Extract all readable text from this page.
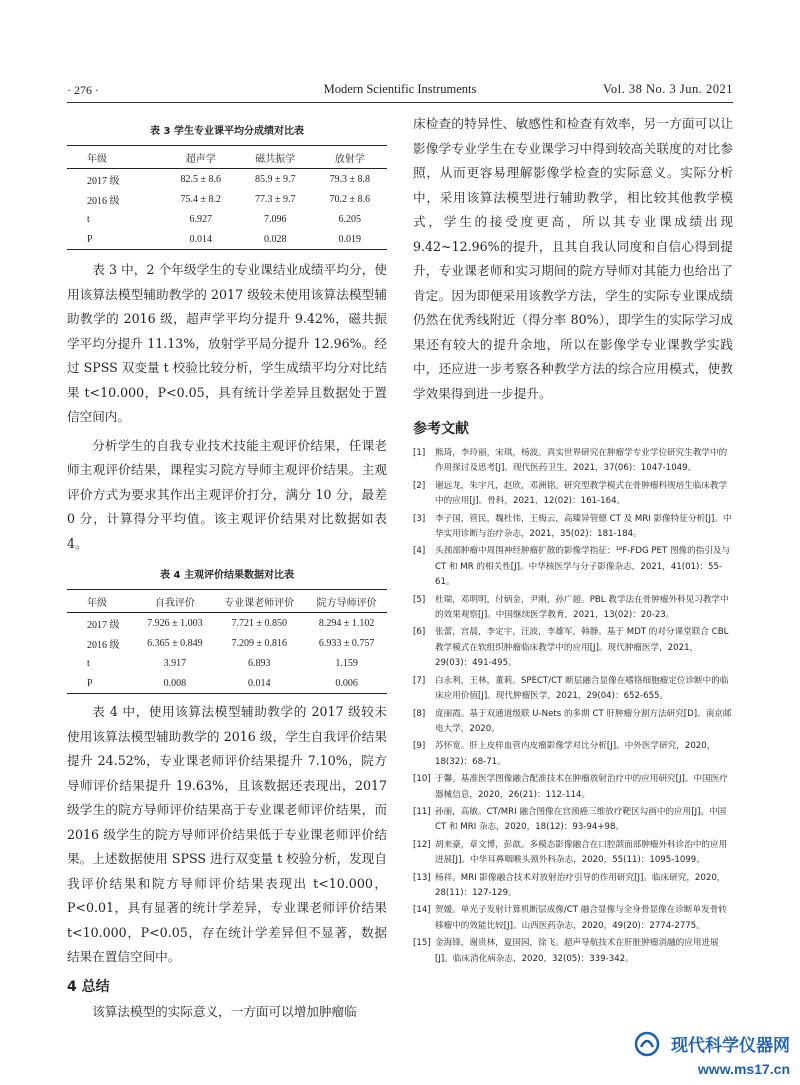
· 276 ·	Modern Scientific Instruments	Vol. 38 No. 3 Jun. 2021
表 3 学生专业课平均分成绩对比表
年级	超声学	磁共振学	放射学
2017 级	82.5 ± 8.6	85.9 ± 9.7	79.3 ± 8.8
2016 级	75.4 ± 8.2	77.3 ± 9.7	70.2 ± 8.6
t	6.927	7.096	6.205
P	0.014	0.028	0.019

表 3 中，2 个年级学生的专业课结业成绩平均分，使用该算法模型辅助教学的 2017 级较未使用该算法模型辅助教学的 2016 级，超声学平均分提升 9.42%，磁共振学平均分提升 11.13%，放射学平局分提升 12.96%。经过 SPSS 双变量 t 校验比较分析，学生成绩平均分对比结果 t<10.000，P<0.05，具有统计学差异且数据处于置信空间内。

分析学生的自我专业技术技能主观评价结果，任课老师主观评价结果，课程实习院方导师主观评价结果。主观评价方式为要求其作出主观评价打分，满分 10 分，最差 0 分，计算得分平均值。该主观评价结果对比数据如表 4。

表 4 主观评价结果数据对比表
年级	自我评价	专业课老师评价	院方导师评价
2017 级	7.926 ± 1.003	7.721 ± 0.850	8.294 ± 1.102
2016 级	6.365 ± 0.849	7.209 ± 0.816	6.933 ± 0.757
t	3.917	6.893	1.159
P	0.008	0.014	0.006

表 4 中，使用该算法模型辅助教学的 2017 级较未使用该算法模型辅助教学的 2016 级，学生自我评价结果提升 24.52%，专业课老师评价结果提升 7.10%，院方导师评价结果提升 19.63%，且该数据还表现出，2017 级学生的院方导师评价结果高于专业课老师评价结果，而 2016 级学生的院方导师评价结果低于专业课老师评价结果。上述数据使用 SPSS 进行双变量 t 校验分析，发现自我评价结果和院方导师评价结果表现出 t<10.000，P<0.01，具有显著的统计学差异，专业课老师评价结果 t<10.000，P<0.05，存在统计学差异但不显著，数据结果在置信空间中。

4 总结

该算法模型的实际意义，一方面可以增加肿瘤临

床检查的特异性、敏感性和检查有效率，另一方面可以让影像学专业学生在专业课学习中得到较高关联度的对比参照，从而更容易理解影像学检查的实际意义。实际分析中，采用该算法模型进行辅助教学，相比较其他教学模式，学生的接受度更高，所以其专业课成绩出现 9.42~12.96%的提升，且其自我认同度和自信心得到提升，专业课老师和实习期间的院方导师对其能力也给出了肯定。因为即便采用该教学方法，学生的实际专业课成绩仍然在优秀线附近（得分率 80%），即学生的实际学习成果还有较大的提升余地，所以在影像学专业课教学实践中，还应进一步考察各种教学方法的综合应用模式，使教学效果得到进一步提升。

参考文献
[1] 熊琦，李玲丽，宋琪，杨波。真实世界研究在肿瘤学专业学位研究生教学中的作用探讨及思考[J]。现代医药卫生，2021，37(06)：1047-1049。
[2] 谢远龙，朱宇凡，赵欣，邓洲铭。研究型教学模式在骨肿瘤科规培生临床教学中的应用[J]。骨科，2021，12(02)：161-164。
[3] 李子国，管民，魏杜伟，王梅云，高臻异管德 CT 及 MRI 影像特征分析[J]。中华实用诊断与治疗杂志，2021，35(02)：181-184。
[4] 头颈部肿瘤中周围神经肿瘤扩散的影像学指征：¹⁸F-FDG PET 图像的指引及与 CT 和 MR 的相关性[J]。中华核医学与分子影像杂志，2021，41(01)：55-61。
[5] 杜瑞，邓明明，付炳金，尹刚，孙广超。PBL 教学法在骨肿瘤外科见习教学中的效果观察[J]。中国继续医学教育，2021，13(02)：20-23。
[6] 张蕾，宫晨，李定宇，汪波，李雄军，韩静。基于 MDT 的对分课堂联合 CBL 教学模式在软组织肿瘤临床教学中的应用[J]。现代肿瘤医学，2021，29(03)：491-495。
[7] 白永利，王林，董莉。SPECT/CT 断层融合显像在嗜铬细胞瘤定位诊断中的临床应用价值[J]。现代肿瘤医学，2021，29(04)：652-655。
[8] 庞丽霞。基于双通道级联 U-Nets 的多期 CT 肝肿瘤分割方法研究[D]。南京邮电大学，2020。
[9] 苏怀宽。肝上皮样血管内皮瘤影像学对比分析[J]。中外医学研究，2020，18(32)：68-71。
[10] 于馨。基准医学图像融合配准技术在肿瘤放射治疗中的应用研究[J]。中国医疗器械信息，2020，26(21)：112-114。
[11] 孙丽，高敏。CT/MRI 融合图像在宫颈癌三维放疗靶区勾画中的应用[J]。中国 CT 和 MRI 杂志，2020，18(12)：93-94+98。
[12] 胡来豪，章文博，彭歆。多模态影像融合在口腔颌面部肿瘤外科诊治中的应用进展[J]。中华耳鼻咽喉头颈外科杂志，2020，55(11)：1095-1099。
[13] 杨祥。MRI 影像融合技术对放射治疗引导的作用研究[J]。临床研究，2020，28(11)：127-129。
[14] 贺媛。单光子发射计算机断层成像/CT 融合显像与全身骨显像在诊断单发骨转移瘤中的效能比较[J]。山西医药杂志，2020，49(20)：2774-2775。
[15] 金海锋，谢贵林，夏国园，徐飞。超声导航技术在肝脏肿瘤消融的应用进展[J]。临床消化病杂志，2020，32(05)：339-342。
现代科学仪器网
www.ms17.cn
